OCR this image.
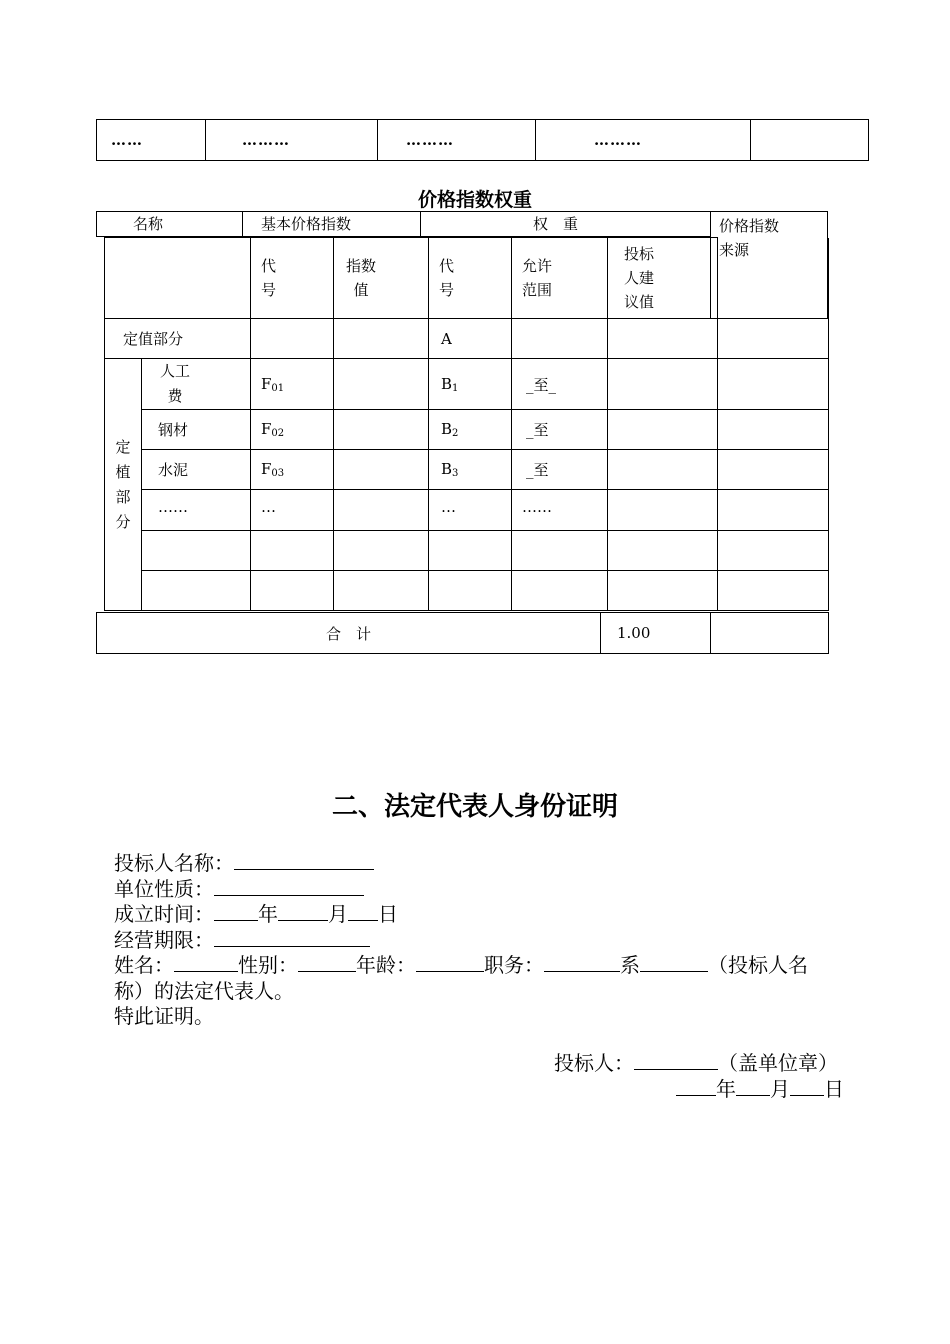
……	………	………	………	
价格指数权重
名称	基本价格指数	权　重	价格指数来源

		代号	指数值	代号	允许范围	投标人建议值	

定值部分				A			
定植部分	人工费	$F_{01}$		$B_1$	_至_		
	钢材	$F_{02}$		$B_2$	_至		
	水泥	$F_{03}$		$B_3$	_至		
	……	…		…	……		

合　计	1.00	
二、法定代表人身份证明
投标人名称：
单位性质：
成立时间： 年	月 日
经营期限：
姓名：	性别：	年龄：	职务：	系	（投标人名
称）的法定代表人。
特此证明。
投标人：	（盖单位章）
年 月 日
